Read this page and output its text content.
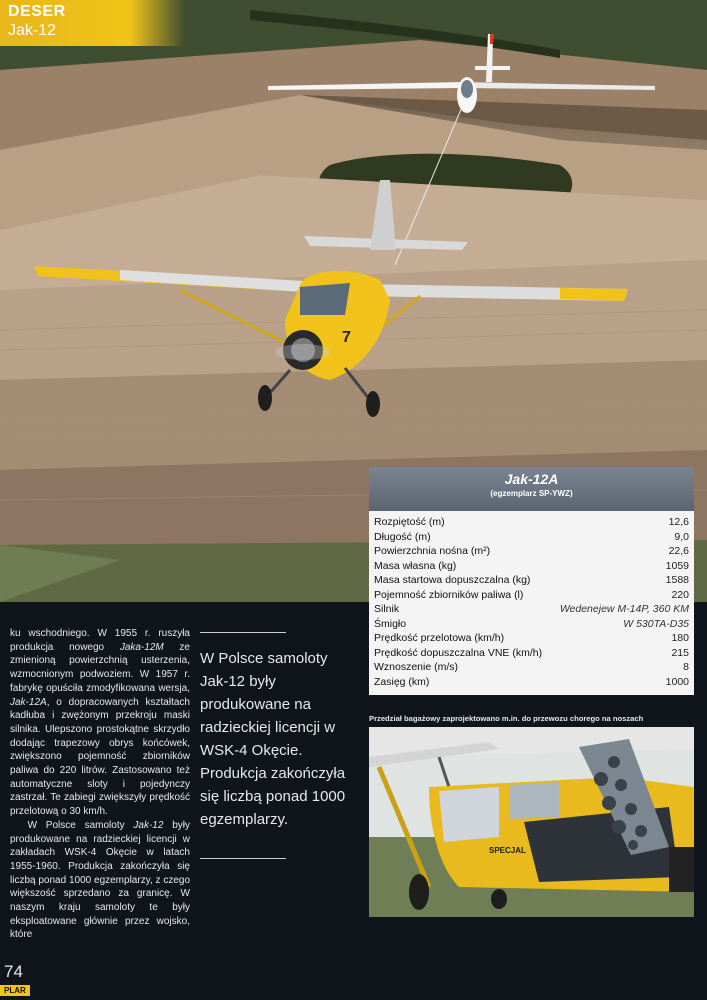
7
DESER
Jak-12
ku wschodniego. W 1955 r. ruszyła produkcja nowego Jaka-12M ze zmienioną powierzchnią usterzenia, wzmocnionym podwoziem. W 1957 r. fabrykę opuściła zmodyfikowana wersja, Jak-12A, o dopracowanych kształtach kadłuba i zwężonym przekroju maski silnika. Ulepszono prostokątne skrzydło dodając trapezowy obrys końcówek, zwiększono pojemność zbiorników paliwa do 220 litrów. Zastosowano też automatyczne sloty i pojedynczy zastrzał. Te zabiegi zwiększyły prędkość przelotową o 30 km/h.
W Polsce samoloty Jak-12 były produkowane na radzieckiej licencji w zakładach WSK-4 Okęcie w latach 1955-1960. Produkcja zakończyła się liczbą ponad 1000 egzemplarzy, z czego większość sprzedano za granicę. W naszym kraju samoloty te były eksploatowane głównie przez wojsko, które
W Polsce samoloty Jak-12 były produkowane na radzieckiej licencji w WSK-4 Okęcie. Produkcja zakończyła się liczbą ponad 1000 egzemplarzy.
Jak-12A
(egzemplarz SP-YWZ)
Rozpiętość (m)	12,6
Długość (m)	9,0
Powierzchnia nośna (m²)	22,6
Masa własna (kg)	1059
Masa startowa dopuszczalna (kg)	1588
Pojemność zbiorników paliwa (l)	220
Silnik	Wedenejew M-14P, 360 KM
Śmigło	W 530TA-D35
Prędkość przelotowa (km/h)	180
Prędkość dopuszczalna VNE (km/h)	215
Wznoszenie (m/s)	8
Zasięg (km)	1000
Przedział bagażowy zaprojektowano m.in. do przewozu chorego na noszach
SPECJAL
74
PLAR
